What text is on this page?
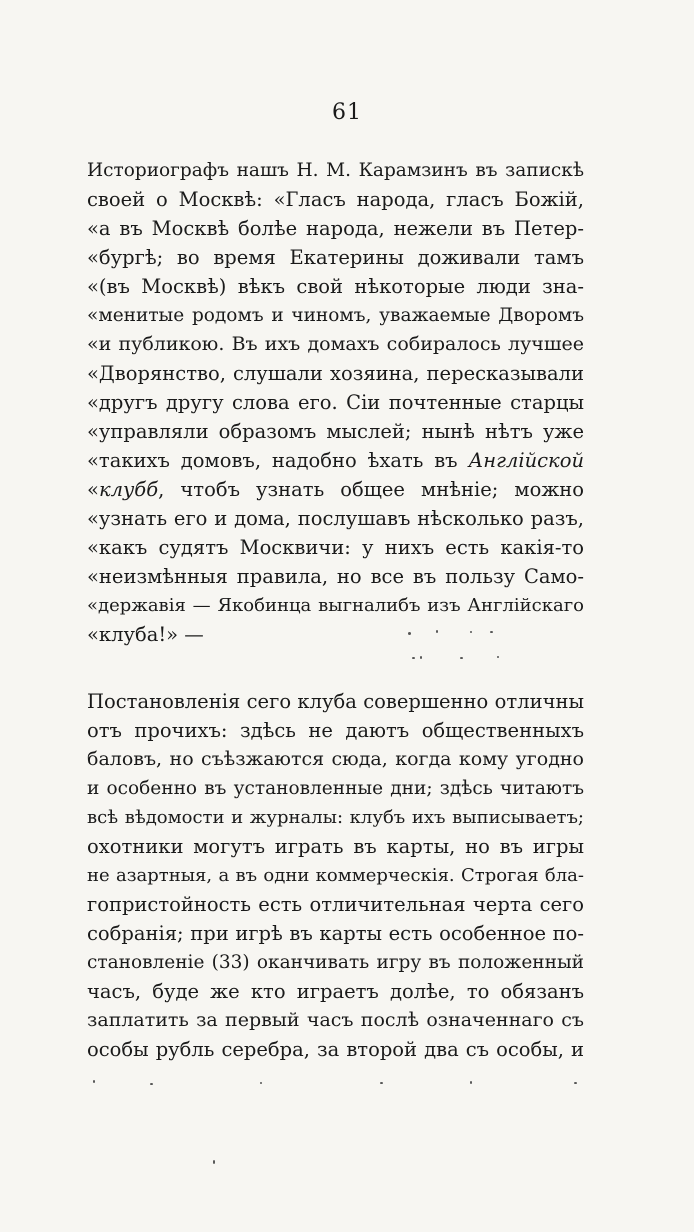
61
Историографъ нашъ Н. М. Карамзинъ въ запискѣ
своей о Москвѣ: «Гласъ народа, гласъ Божій,
«а въ Москвѣ болѣе народа, нежели въ Петер-
«бургѣ; во время Екатерины доживали тамъ
«(въ Москвѣ) вѣкъ свой нѣкоторые люди зна-
«менитые родомъ и чиномъ, уважаемые Дворомъ
«и публикою. Въ ихъ домахъ собиралось лучшее
«Дворянство, слушали хозяина, пересказывали
«другъ другу слова его. Сіи почтенные старцы
«управляли образомъ мыслей; нынѣ нѣтъ уже
«такихъ домовъ, надобно ѣхать въ Англійской
«клубб, чтобъ узнать общее мнѣніе; можно
«узнать его и дома, послушавъ нѣсколько разъ,
«какъ судятъ Москвичи: у нихъ есть какія-то
«неизмѣнныя правила, но все въ пользу Само-
«державія — Якобинца выгналибъ изъ Англійскаго
«клуба!» —
Постановленія сего клуба совершенно отличны
отъ прочихъ: здѣсь не даютъ общественныхъ
баловъ, но съѣзжаются сюда, когда кому угодно
и особенно въ установленные дни; здѣсь читаютъ
всѣ вѣдомости и журналы: клубъ ихъ выписываетъ;
охотники могутъ играть въ карты, но въ игры
не азартныя, а въ одни коммерческія. Строгая бла-
гопристойность есть отличительная черта сего
собранія; при игрѣ въ карты есть особенное по-
становленіе (33) оканчивать игру въ положенный
часъ, буде же кто играетъ долѣе, то обязанъ
заплатить за первый часъ послѣ означеннаго съ
особы рубль серебра, за второй два съ особы, и
